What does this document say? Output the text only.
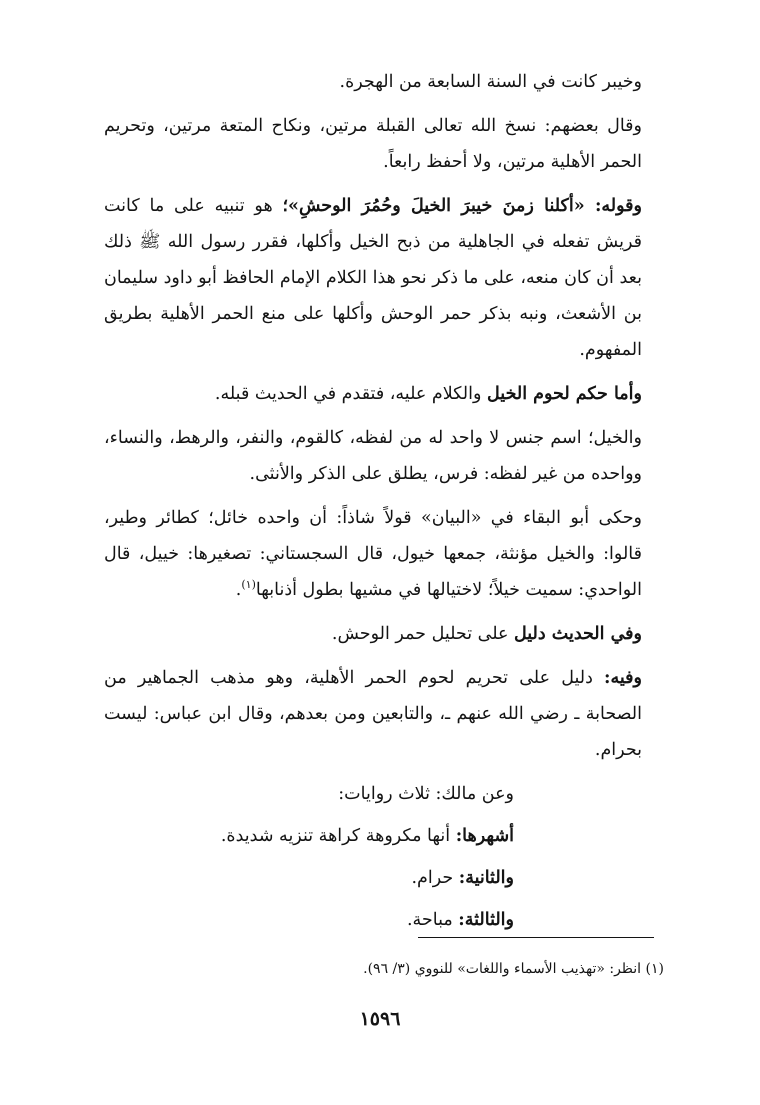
وخيبر كانت في السنة السابعة من الهجرة.

وقال بعضهم: نسخ الله تعالى القبلة مرتين، ونكاح المتعة مرتين، وتحريم الحمر الأهلية مرتين، ولا أحفظ رابعاً.

وقوله: «أكلنا زمنَ خيبرَ الخيلَ وحُمُرَ الوحشِ»؛ هو تنبيه على ما كانت قريش تفعله في الجاهلية من ذبح الخيل وأكلها، فقرر رسول الله ﷺ ذلك بعد أن كان منعه، على ما ذكر نحو هذا الكلام الإمام الحافظ أبو داود سليمان بن الأشعث، ونبه بذكر حمر الوحش وأكلها على منع الحمر الأهلية بطريق المفهوم.

وأما حكم لحوم الخيل والكلام عليه، فتقدم في الحديث قبله.

والخيل؛ اسم جنس لا واحد له من لفظه، كالقوم، والنفر، والرهط، والنساء، وواحده من غير لفظه: فرس، يطلق على الذكر والأنثى.

وحكى أبو البقاء في «البيان» قولاً شاذاً: أن واحده خائل؛ كطائر وطير، قالوا: والخيل مؤنثة، جمعها خيول، قال السجستاني: تصغيرها: خييل، قال الواحدي: سميت خيلاً؛ لاختيالها في مشيها بطول أذنابها$^{(١)}$.

وفي الحديث دليل على تحليل حمر الوحش.

وفيه: دليل على تحريم لحوم الحمر الأهلية، وهو مذهب الجماهير من الصحابة ـ رضي الله عنهم ـ، والتابعين ومن بعدهم، وقال ابن عباس: ليست بحرام.

وعن مالك: ثلاث روايات:

أشهرها: أنها مكروهة كراهة تنزيه شديدة.

والثانية: حرام.

والثالثة: مباحة.

(١) انظر: «تهذيب الأسماء واللغات» للنووي (٣/ ٩٦).
١٥٩٦
